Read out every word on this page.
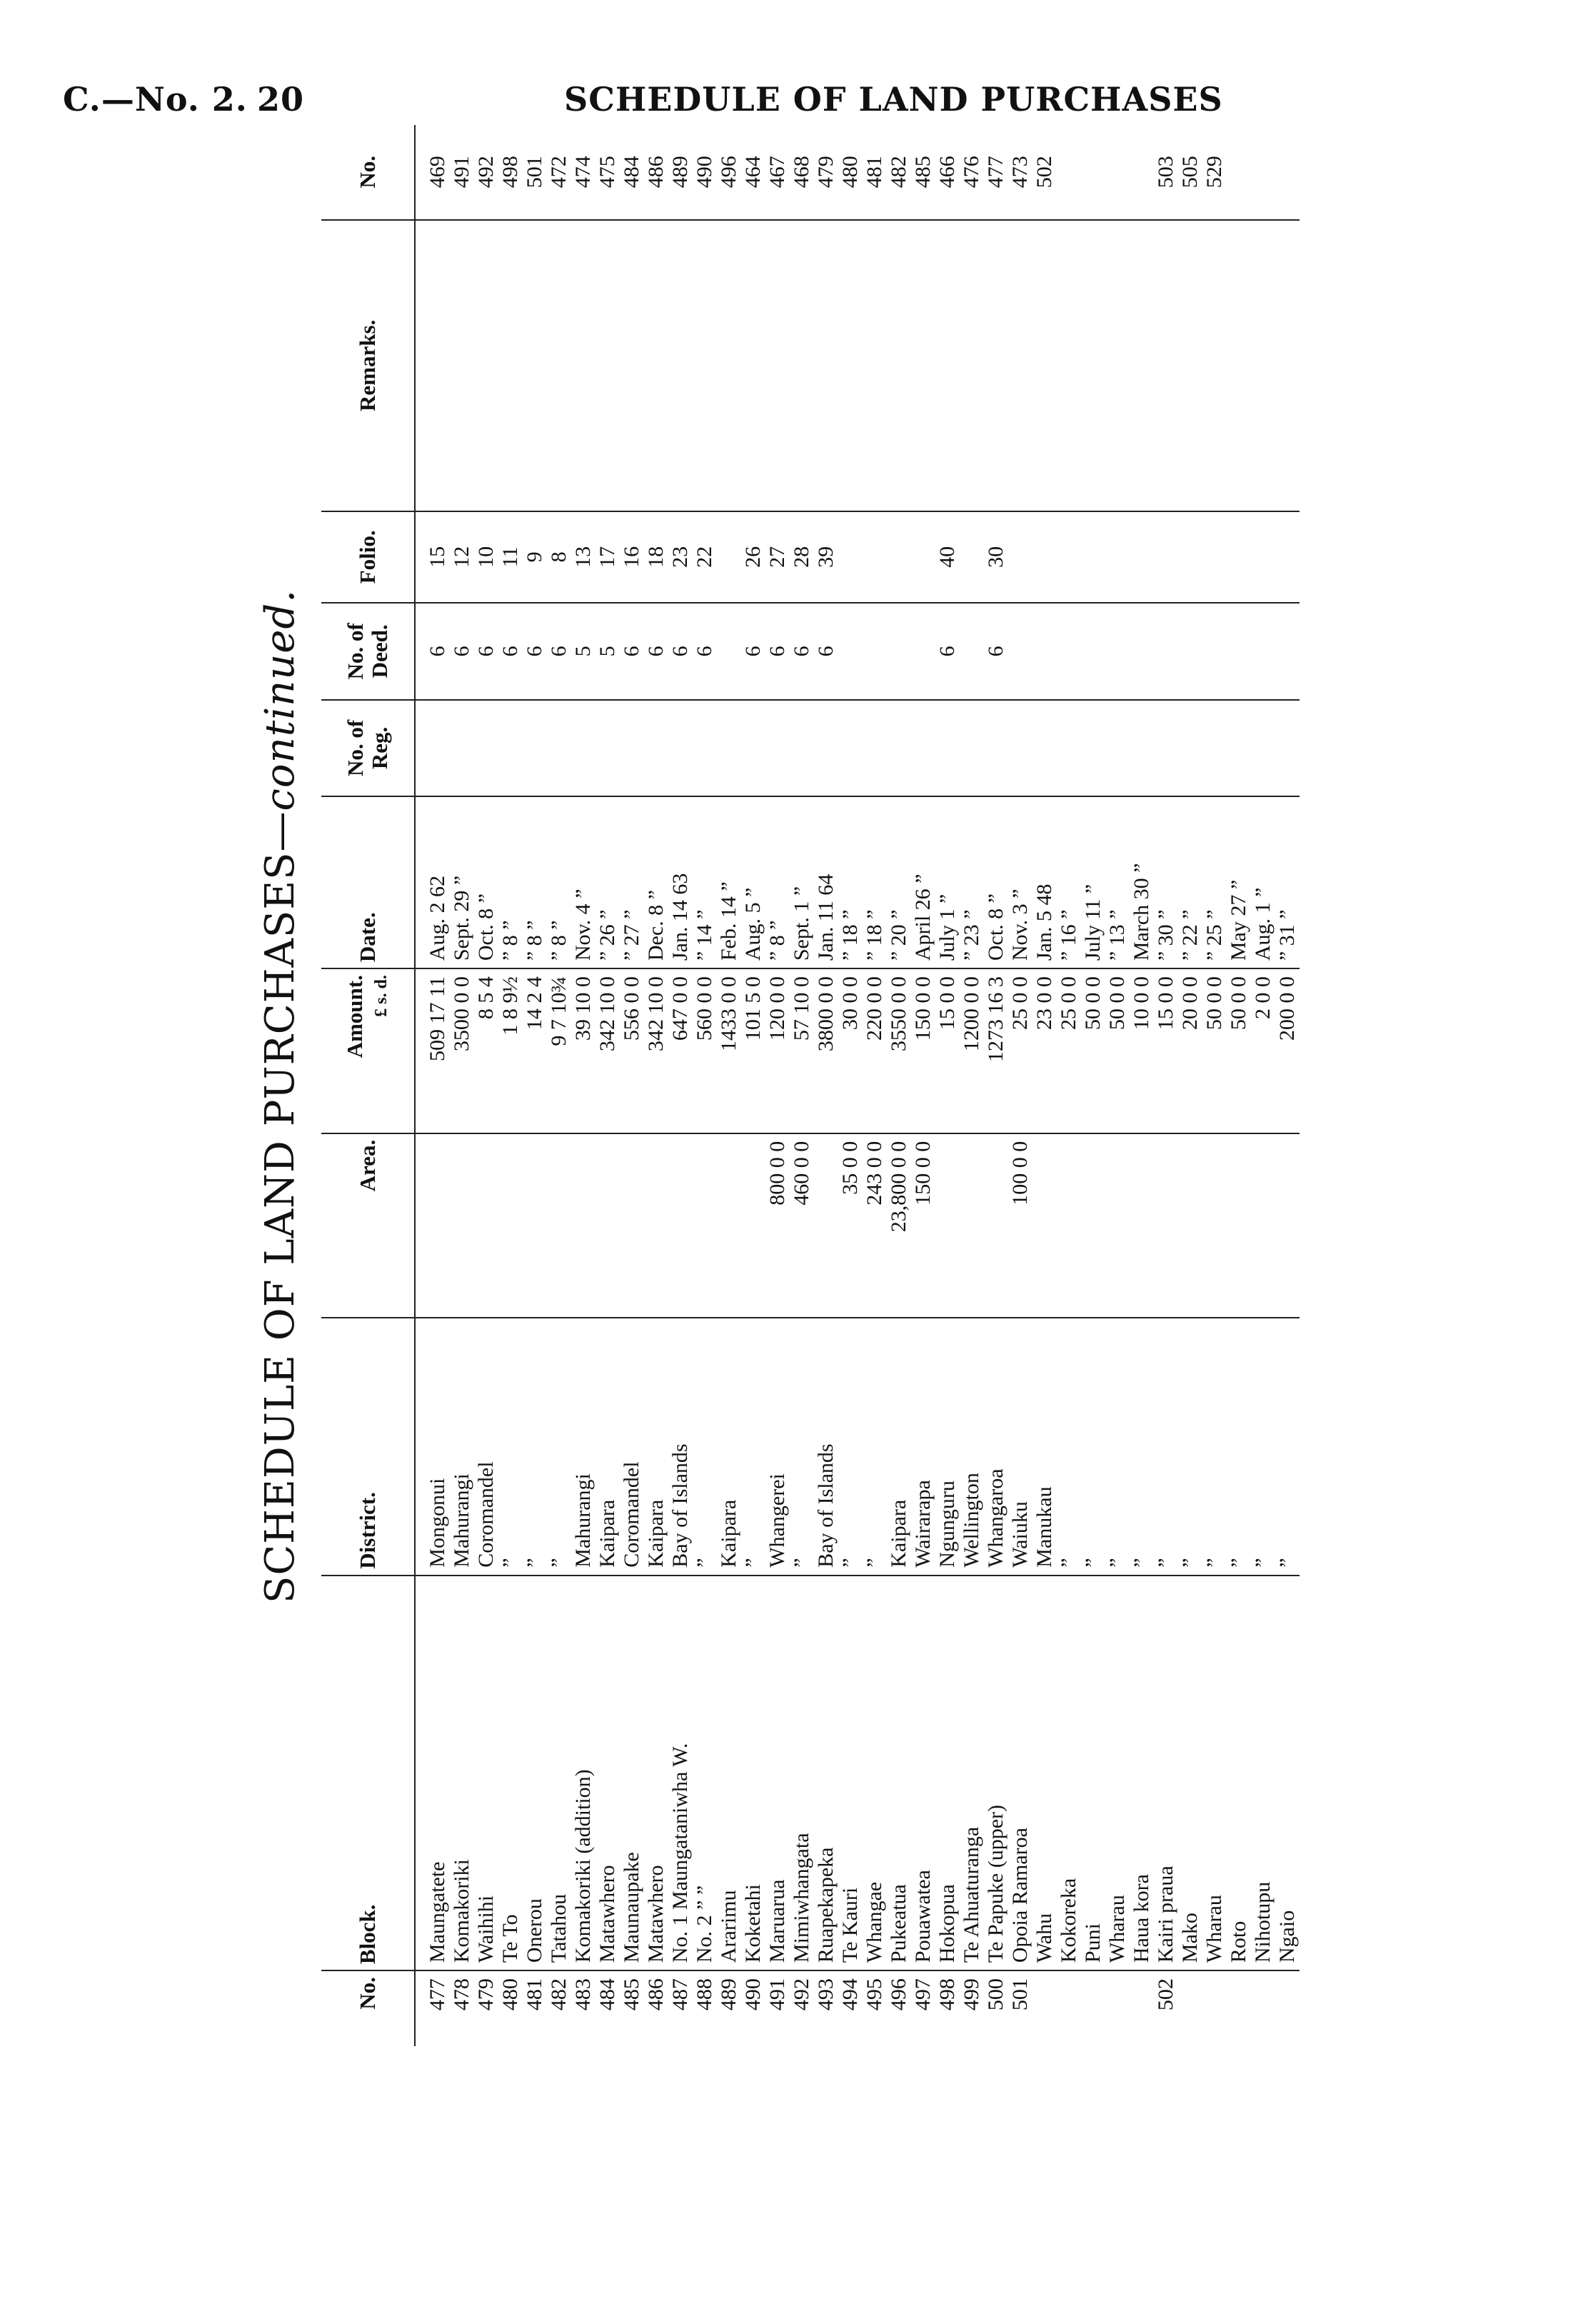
C.—No. 2. 20	SCHEDULE OF LAND PURCHASES
SCHEDULE OF LAND PURCHASES—continued.
No.	Block.	District.	Area.	Amount. £ s. d.	Date.	No. of Reg.	No. of Deed.	Folio.	Remarks.	No.
477	Maungatete	Mongonui		509 17 11	Aug. 2 62		6	15		469
478	Komakoriki	Mahurangi		3500 0 0	Sept. 29 ”		6	12		491
479	Waihihi	Coromandel		8 5 4	Oct. 8 ”		6	10		492
480	Te To	”		1 8 9½	” 8 ”		6	11		498
481	Onerou	”		14 2 4	” 8 ”		6	9		501
482	Tatahou	”		9 7 10¾	” 8 ”		6	8		472
483	Komakoriki (addition)	Mahurangi		39 10 0	Nov. 4 ”		5	13		474
484	Matawhero	Kaipara		342 10 0	” 26 ”		5	17		475
485	Maunaupake	Coromandel		556 0 0	” 27 ”		6	16		484
486	Matawhero	Kaipara		342 10 0	Dec. 8 ”		6	18		486
487	No. 1 Maungataniwha W.	Bay of Islands		647 0 0	Jan. 14 63		6	23		489
488	No. 2 ” ”	”		560 0 0	” 14 ”		6	22		490
489	Ararimu	Kaipara		1433 0 0	Feb. 14 ”					496
490	Koketahi	”		101 5 0	Aug. 5 ”		6	26		464
491	Maruarua	Whangerei	800 0 0	120 0 0	” 8 ”		6	27		467
492	Mimiwhangata	”	460 0 0	57 10 0	Sept. 1 ”		6	28		468
493	Ruapekapeka	Bay of Islands		3800 0 0	Jan. 11 64		6	39		479
494	Te Kauri	”	35 0 0	30 0 0	” 18 ”					480
495	Whangae	”	243 0 0	220 0 0	” 18 ”					481
496	Pukeatua	Kaipara	23,800 0 0	3550 0 0	” 20 ”					482
497	Pouawatea	Wairarapa	150 0 0	150 0 0	April 26 ”					485
498	Hokopua	Ngunguru		15 0 0	July 1 ”		6	40		466
499	Te Ahuaturanga	Wellington		1200 0 0	” 23 ”					476
500	Te Papuke (upper)	Whangaroa		1273 16 3	Oct. 8 ”		6	30		477
501	Opoia Ramaroa	Waiuku	100 0 0	25 0 0	Nov. 3 ”					473
	Wahu	Manukau		23 0 0	Jan. 5 48					502
	Kokoreka	”		25 0 0	” 16 ”					
	Puni	”		50 0 0	July 11 ”					
	Wharau	”		50 0 0	” 13 ”					
	Haua kora	”		10 0 0	March 30 ”					
502	Kairi praua	”		15 0 0	” 30 ”					503
	Mako	”		20 0 0	” 22 ”					505
	Wharau	”		50 0 0	” 25 ”					529
	Roto	”		50 0 0	May 27 ”					
	Nihotupu	”		2 0 0	Aug. 1 ”					
	Ngaio	”		200 0 0	” 31 ”					
